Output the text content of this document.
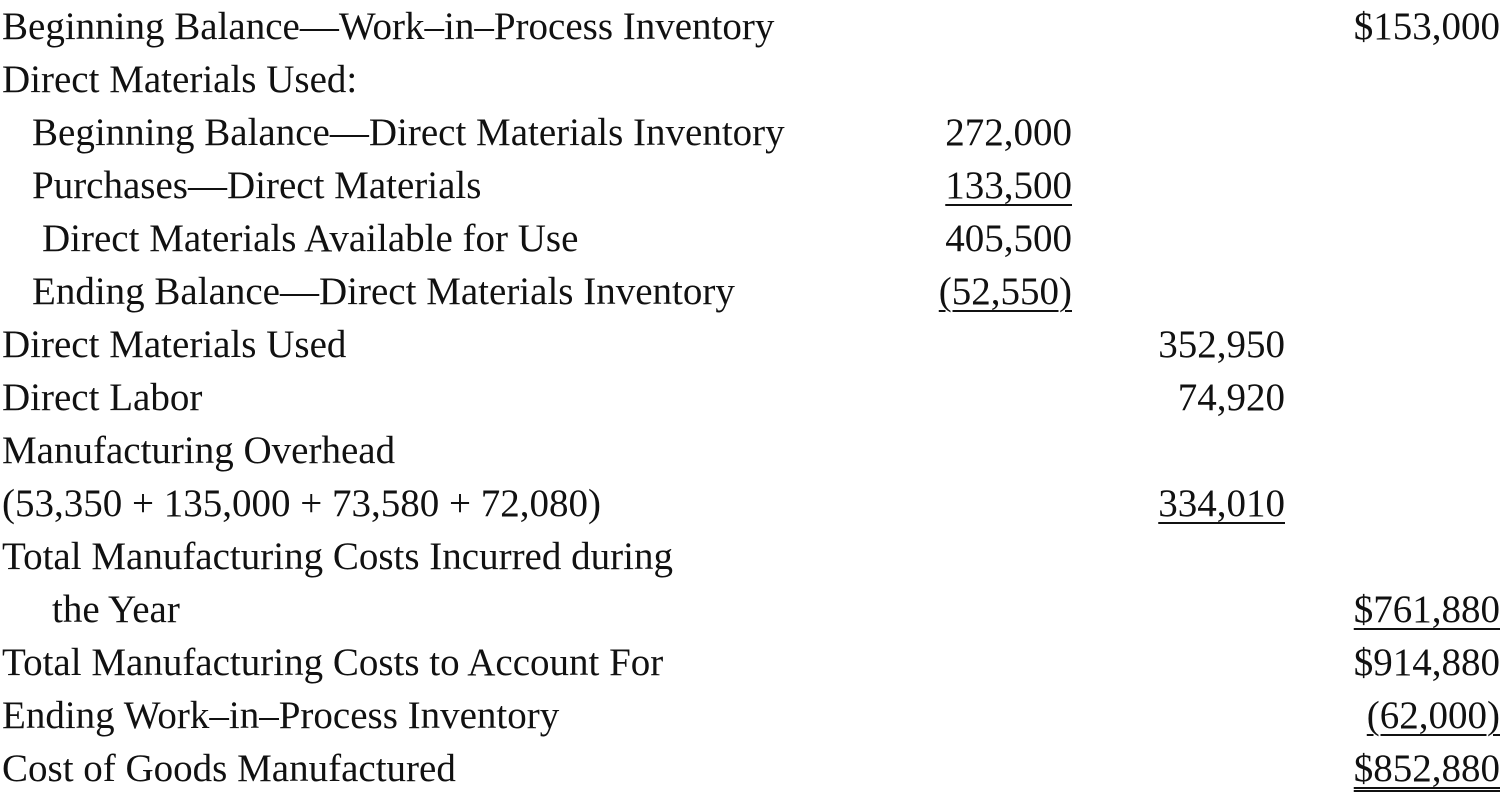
Beginning Balance—Work–in–Process Inventory	$153,000
Direct Materials Used:
Beginning Balance—Direct Materials Inventory	272,000
Purchases—Direct Materials	133,500
Direct Materials Available for Use	405,500
Ending Balance—Direct Materials Inventory	(52,550)
Direct Materials Used	352,950
Direct Labor	74,920
Manufacturing Overhead
(53,350 + 135,000 + 73,580 + 72,080)	334,010
Total Manufacturing Costs Incurred during
the Year	$761,880
Total Manufacturing Costs to Account For	$914,880
Ending Work–in–Process Inventory	(62,000)
Cost of Goods Manufactured	$852,880
